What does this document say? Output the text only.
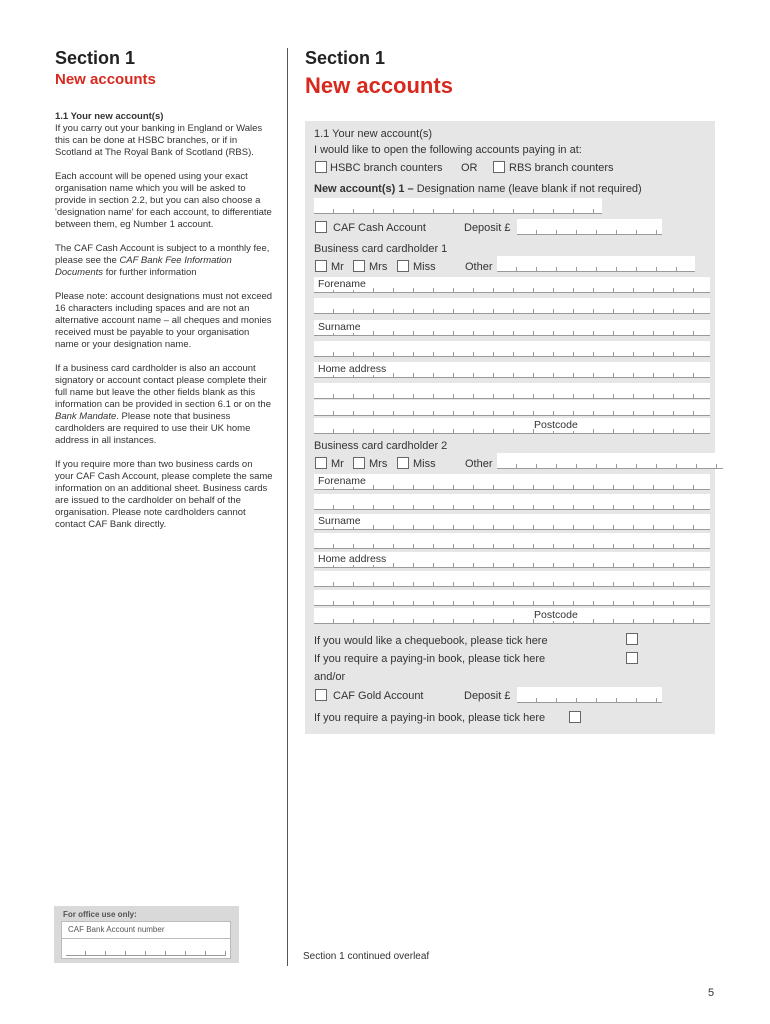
Section 1
New accounts
1.1 Your new account(s)

If you carry out your banking in England or Wales this can be done at HSBC branches, or if in Scotland at The Royal Bank of Scotland (RBS).

Each account will be opened using your exact organisation name which you will be asked to provide in section 2.2, but you can also choose a 'designation name' for each account, to differentiate between them, eg Number 1 account.

The CAF Cash Account is subject to a monthly fee, please see the CAF Bank Fee Information Documents for further information

Please note: account designations must not exceed 16 characters including spaces and are not an alternative account name – all cheques and monies received must be payable to your organisation name or your designation name.

If a business card cardholder is also an account signatory or account contact please complete their full name but leave the other fields blank as this information can be provided in section 6.1 or on the Bank Mandate. Please note that business cardholders are required to use their UK home address in all instances.

If you require more than two business cards on your CAF Cash Account, please complete the same information on an additional sheet. Business cards are issued to the cardholder on behalf of the organisation. Please note cardholders cannot contact CAF Bank directly.

Section 1
New accounts
1.1 Your new account(s)
I would like to open the following accounts paying in at:
HSBC branch counters OR	RBS branch counters
New account(s) 1 – Designation name (leave blank if not required)
CAF Cash Account	Deposit £
Business card cardholder 1
Mr Mrs Miss	Other
Forename
Surname
Home address
Postcode
Business card cardholder 2
Mr Mrs Miss	Other
Forename
Surname
Home address
Postcode
If you would like a chequebook, please tick here
If you require a paying-in book, please tick here
and/or
CAF Gold Account	Deposit £
If you require a paying-in book, please tick here
For office use only:
CAF Bank Account number
Section 1 continued overleaf
5
